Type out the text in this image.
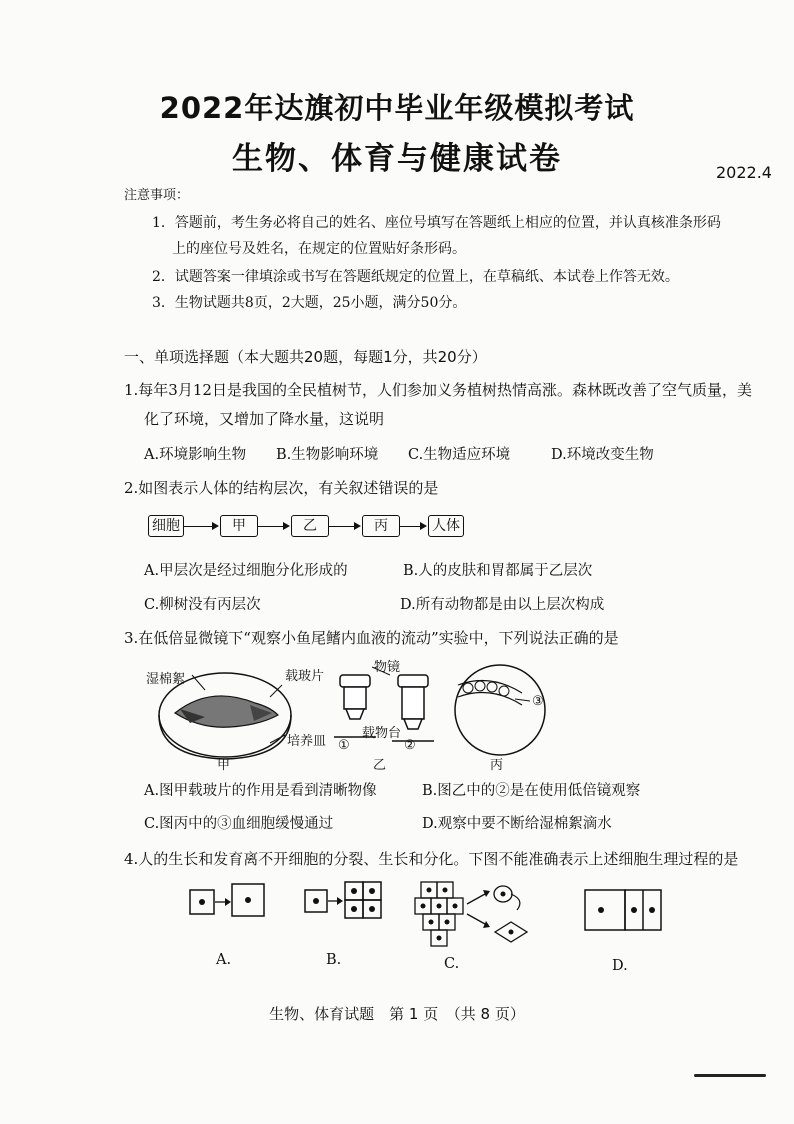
2022年达旗初中毕业年级模拟考试
生物、体育与健康试卷	2022.4
注意事项：
1．答题前，考生务必将自己的姓名、座位号填写在答题纸上相应的位置，并认真核准条形码
上的座位号及姓名，在规定的位置贴好条形码。
2．试题答案一律填涂或书写在答题纸规定的位置上，在草稿纸、本试卷上作答无效。
3．生物试题共8页，2大题，25小题，满分50分。
一、单项选择题（本大题共20题，每题1分，共20分）
1.每年3月12日是我国的全民植树节，人们参加义务植树热情高涨。森林既改善了空气质量，美
化了环境，又增加了降水量，这说明
A.环境影响生物 B.生物影响环境 C.生物适应环境	D.环境改变生物
2.如图表示人体的结构层次，有关叙述错误的是
细胞	甲	乙	丙	人体
A.甲层次是经过细胞分化形成的	B.人的皮肤和胃都属于乙层次
C.柳树没有丙层次	D.所有动物都是由以上层次构成
3.在低倍显微镜下“观察小鱼尾鳍内血液的流动”实验中，下列说法正确的是
湿棉絮	载玻片
培养皿
物镜
载物台
①	②
③
甲	乙	丙
A.图甲载玻片的作用是看到清晰物像	B.图乙中的②是在使用低倍镜观察
C.图丙中的③血细胞缓慢通过	D.观察中要不断给湿棉絮滴水
4.人的生长和发育离不开细胞的分裂、生长和分化。下图不能准确表示上述细胞生理过程的是
A.	B.	C.	D.
生物、体育试题　第 1 页　（共 8 页）
